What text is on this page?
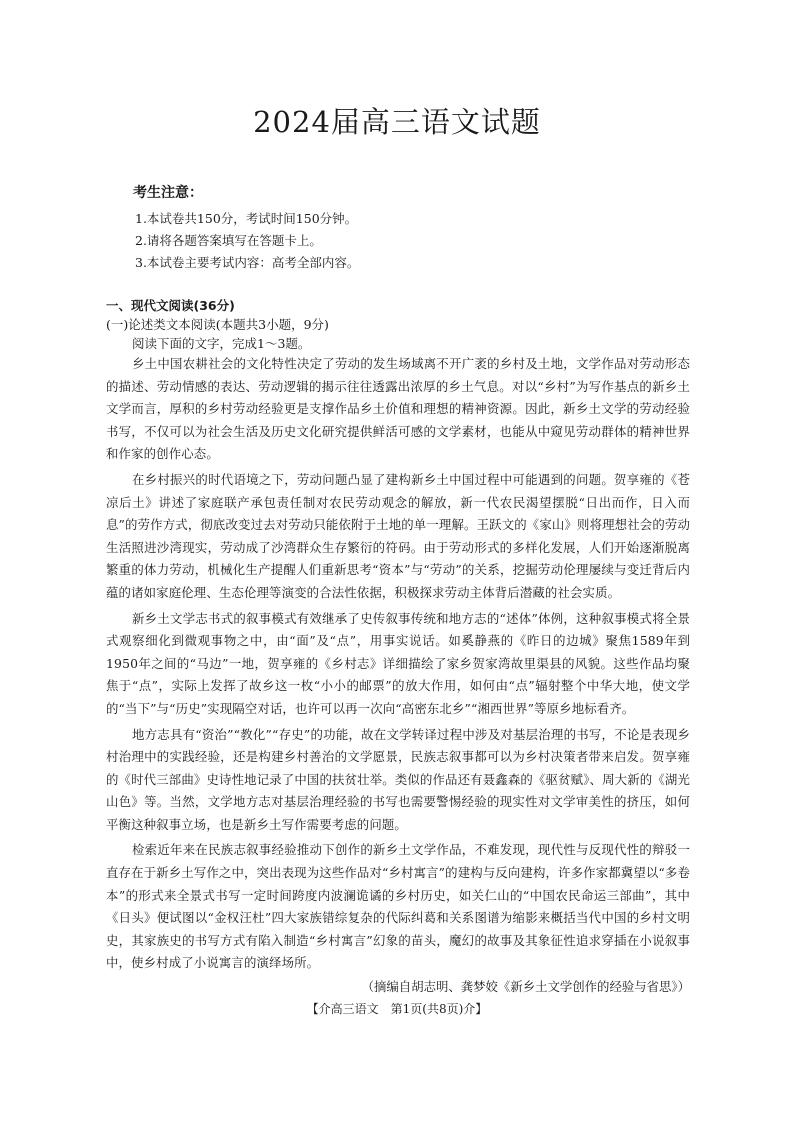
2024届高三语文试题
考生注意：
1.本试卷共150分，考试时间150分钟。
2.请将各题答案填写在答题卡上。
3.本试卷主要考试内容：高考全部内容。
一、现代文阅读(36分)
(一)论述类文本阅读(本题共3小题，9分)
阅读下面的文字，完成1～3题。

乡土中国农耕社会的文化特性决定了劳动的发生场域离不开广袤的乡村及土地，文学作品对劳动形态的描述、劳动情感的表达、劳动逻辑的揭示往往透露出浓厚的乡土气息。对以“乡村”为写作基点的新乡土文学而言，厚积的乡村劳动经验更是支撑作品乡土价值和理想的精神资源。因此，新乡土文学的劳动经验书写，不仅可以为社会生活及历史文化研究提供鲜活可感的文学素材，也能从中窥见劳动群体的精神世界和作家的创作心态。

在乡村振兴的时代语境之下，劳动问题凸显了建构新乡土中国过程中可能遇到的问题。贺享雍的《苍凉后土》讲述了家庭联产承包责任制对农民劳动观念的解放，新一代农民渴望摆脱“日出而作，日入而息”的劳作方式，彻底改变过去对劳动只能依附于土地的单一理解。王跃文的《家山》则将理想社会的劳动生活照进沙湾现实，劳动成了沙湾群众生存繁衍的符码。由于劳动形式的多样化发展，人们开始逐渐脱离繁重的体力劳动，机械化生产提醒人们重新思考“资本”与“劳动”的关系，挖掘劳动伦理屡续与变迁背后内蕴的诸如家庭伦理、生态伦理等演变的合法性依据，积极探求劳动主体背后潜藏的社会实质。

新乡土文学志书式的叙事模式有效继承了史传叙事传统和地方志的“述体”体例，这种叙事模式将全景式观察细化到微观事物之中，由“面”及“点”，用事实说话。如奚静燕的《昨日的边城》聚焦1589年到1950年之间的“马边”一地，贺享雍的《乡村志》详细描绘了家乡贺家湾故里渠县的风貌。这些作品均聚焦于“点”，实际上发挥了故乡这一枚“小小的邮票”的放大作用，如何由“点”辐射整个中华大地，使文学的“当下”与“历史”实现隔空对话，也许可以再一次向“高密东北乡”“湘西世界”等原乡地标看齐。

地方志具有“资治”“教化”“存史”的功能，故在文学转译过程中涉及对基层治理的书写，不论是表现乡村治理中的实践经验，还是构建乡村善治的文学愿景，民族志叙事都可以为乡村决策者带来启发。贺享雍的《时代三部曲》史诗性地记录了中国的扶贫壮举。类似的作品还有聂鑫森的《驱贫赋》、周大新的《湖光山色》等。当然，文学地方志对基层治理经验的书写也需要警惕经验的现实性对文学审美性的挤压，如何平衡这种叙事立场，也是新乡土写作需要考虑的问题。

检索近年来在民族志叙事经验推动下创作的新乡土文学作品，不难发现，现代性与反现代性的辩驳一直存在于新乡土写作之中，突出表现为这些作品对“乡村寓言”的建构与反向建构，许多作家都冀望以“多卷本”的形式来全景式书写一定时间跨度内波澜诡谲的乡村历史，如关仁山的“中国农民命运三部曲”，其中《日头》便试图以“金权汪杜”四大家族错综复杂的代际纠葛和关系图谱为缩影来概括当代中国的乡村文明史，其家族史的书写方式有陷入制造“乡村寓言”幻象的苗头，魔幻的故事及其象征性追求穿插在小说叙事中，使乡村成了小说寓言的演绎场所。

（摘编自胡志明、龚梦姣《新乡土文学创作的经验与省思》）
【介高三语文　第1页(共8页)介】
